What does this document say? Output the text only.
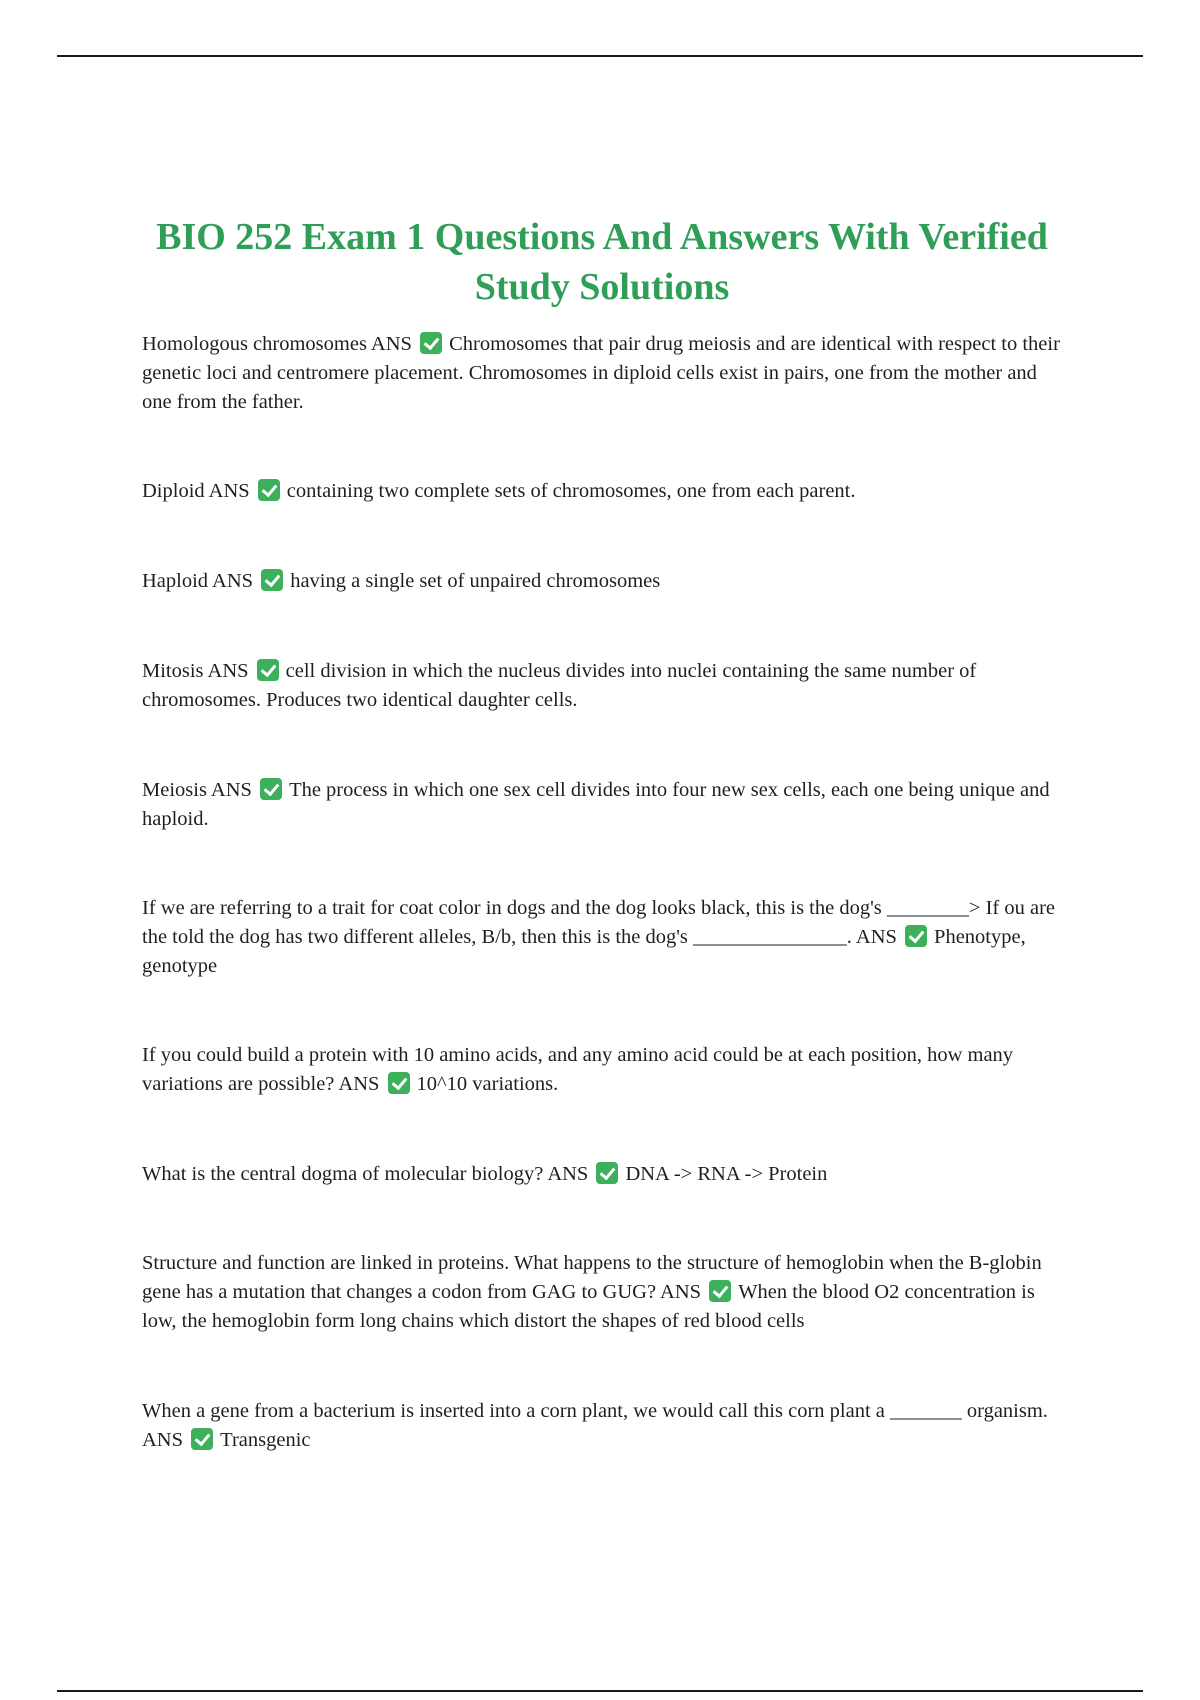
BIO 252 Exam 1 Questions And Answers With Verified Study Solutions

Homologous chromosomes ANS Chromosomes that pair drug meiosis and are identical with respect to their genetic loci and centromere placement. Chromosomes in diploid cells exist in pairs, one from the mother and one from the father.

Diploid ANS containing two complete sets of chromosomes, one from each parent.

Haploid ANS having a single set of unpaired chromosomes

Mitosis ANS cell division in which the nucleus divides into nuclei containing the same number of chromosomes. Produces two identical daughter cells.

Meiosis ANS The process in which one sex cell divides into four new sex cells, each one being unique and haploid.

If we are referring to a trait for coat color in dogs and the dog looks black, this is the dog's ________> If ou are the told the dog has two different alleles, B/b, then this is the dog's _______________. ANS Phenotype, genotype

If you could build a protein with 10 amino acids, and any amino acid could be at each position, how many variations are possible? ANS 10^10 variations.

What is the central dogma of molecular biology? ANS DNA -> RNA -> Protein

Structure and function are linked in proteins. What happens to the structure of hemoglobin when the B-globin gene has a mutation that changes a codon from GAG to GUG? ANS When the blood O2 concentration is low, the hemoglobin form long chains which distort the shapes of red blood cells

When a gene from a bacterium is inserted into a corn plant, we would call this corn plant a _______ organism. ANS Transgenic
